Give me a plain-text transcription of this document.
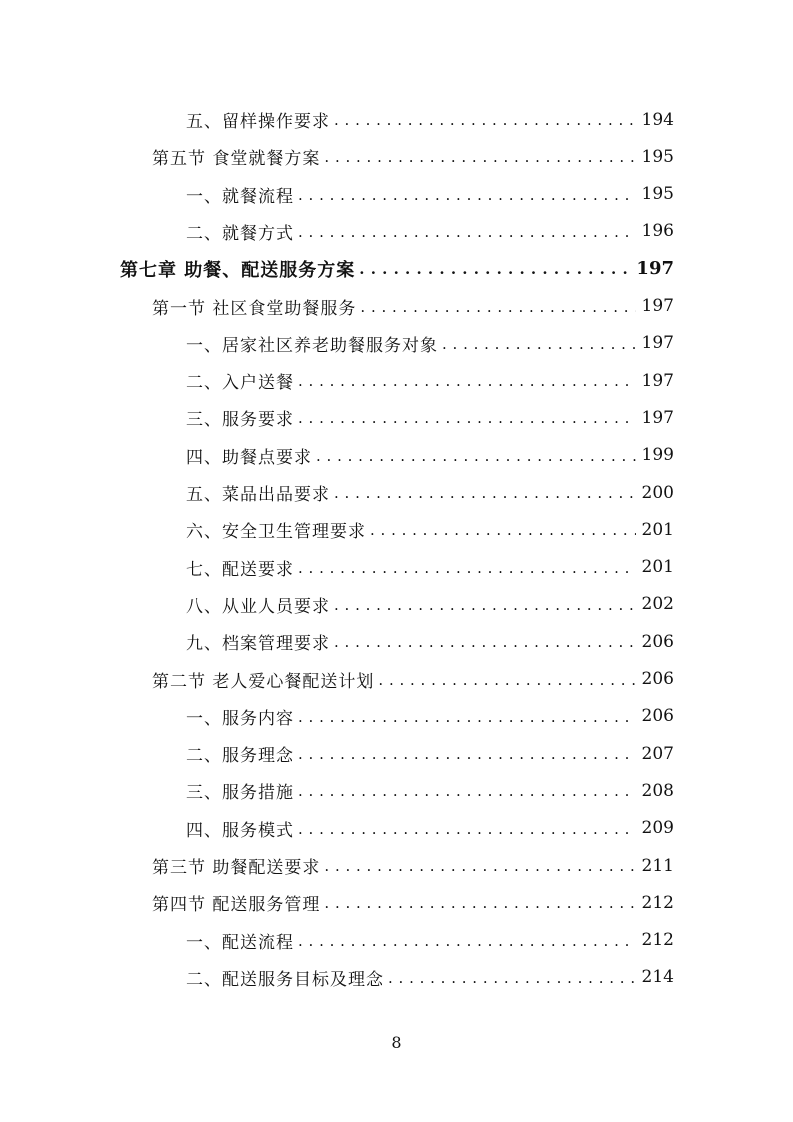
五、留样操作要求 . . .	194
第五节 食堂就餐方案 . . .	195
一、就餐流程 . . .	195
二、就餐方式 . . .	196
第七章 助餐、配送服务方案 . . .	197
第一节 社区食堂助餐服务 . . .	197
一、居家社区养老助餐服务对象 . . .	197
二、入户送餐 . . .	197
三、服务要求 . . .	197
四、助餐点要求 . . .	199
五、菜品出品要求 . . .	200
六、安全卫生管理要求 . . .	201
七、配送要求 . . .	201
八、从业人员要求 . . .	202
九、档案管理要求 . . .	206
第二节 老人爱心餐配送计划 . . .	206
一、服务内容 . . .	206
二、服务理念 . . .	207
三、服务措施 . . .	208
四、服务模式 . . .	209
第三节 助餐配送要求 . . .	211
第四节 配送服务管理 . . .	212
一、配送流程 . . .	212
二、配送服务目标及理念 . . .	214
8
